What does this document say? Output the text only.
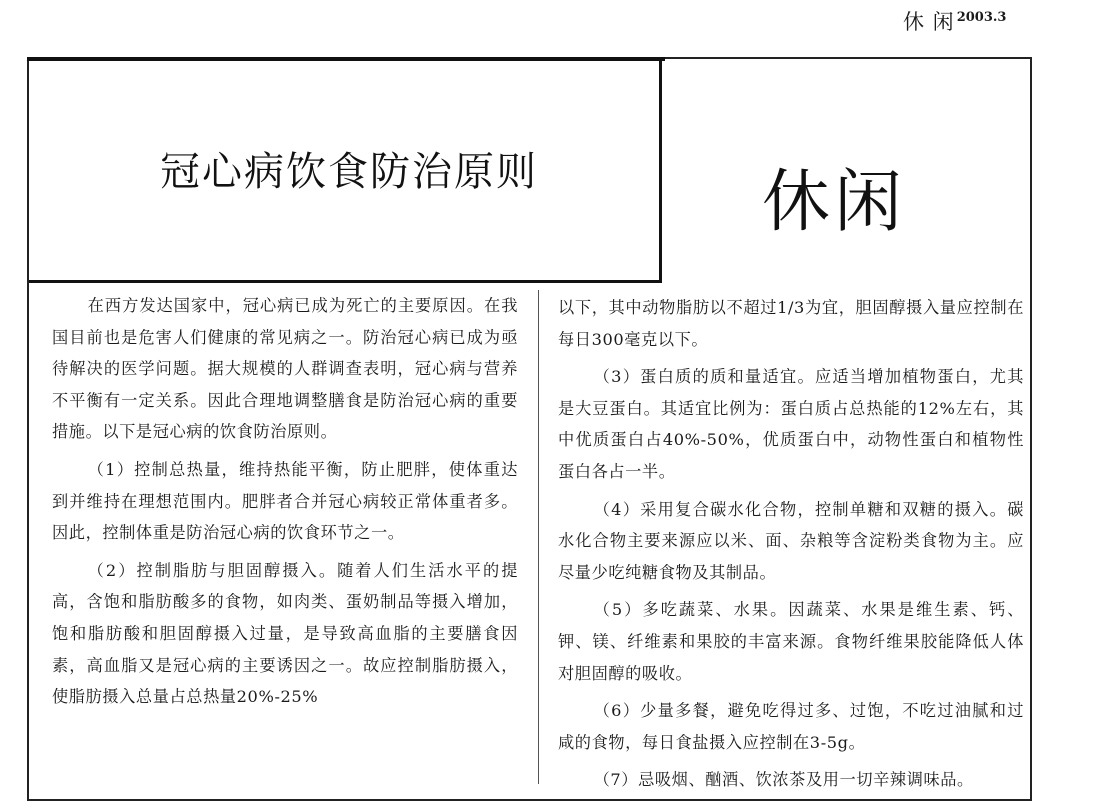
休 闲 $^{2003.3}$
冠心病饮食防治原则	休闲

在西方发达国家中，冠心病已成为死亡的主要原因。在我国目前也是危害人们健康的常见病之一。防治冠心病已成为亟待解决的医学问题。据大规模的人群调查表明，冠心病与营养不平衡有一定关系。因此合理地调整膳食是防治冠心病的重要措施。以下是冠心病的饮食防治原则。

（1）控制总热量，维持热能平衡，防止肥胖，使体重达到并维持在理想范围内。肥胖者合并冠心病较正常体重者多。因此，控制体重是防治冠心病的饮食环节之一。

（2）控制脂肪与胆固醇摄入。随着人们生活水平的提高，含饱和脂肪酸多的食物，如肉类、蛋奶制品等摄入增加，饱和脂肪酸和胆固醇摄入过量，是导致高血脂的主要膳食因素，高血脂又是冠心病的主要诱因之一。故应控制脂肪摄入，使脂肪摄入总量占总热量20%-25%

以下，其中动物脂肪以不超过1/3为宜，胆固醇摄入量应控制在每日300毫克以下。

（3）蛋白质的质和量适宜。应适当增加植物蛋白，尤其是大豆蛋白。其适宜比例为：蛋白质占总热能的12%左右，其中优质蛋白占40%-50%，优质蛋白中，动物性蛋白和植物性蛋白各占一半。

（4）采用复合碳水化合物，控制单糖和双糖的摄入。碳水化合物主要来源应以米、面、杂粮等含淀粉类食物为主。应尽量少吃纯糖食物及其制品。

（5）多吃蔬菜、水果。因蔬菜、水果是维生素、钙、钾、镁、纤维素和果胶的丰富来源。食物纤维果胶能降低人体对胆固醇的吸收。

（6）少量多餐，避免吃得过多、过饱，不吃过油腻和过咸的食物，每日食盐摄入应控制在3-5g。

（7）忌吸烟、酗酒、饮浓茶及用一切辛辣调味品。
